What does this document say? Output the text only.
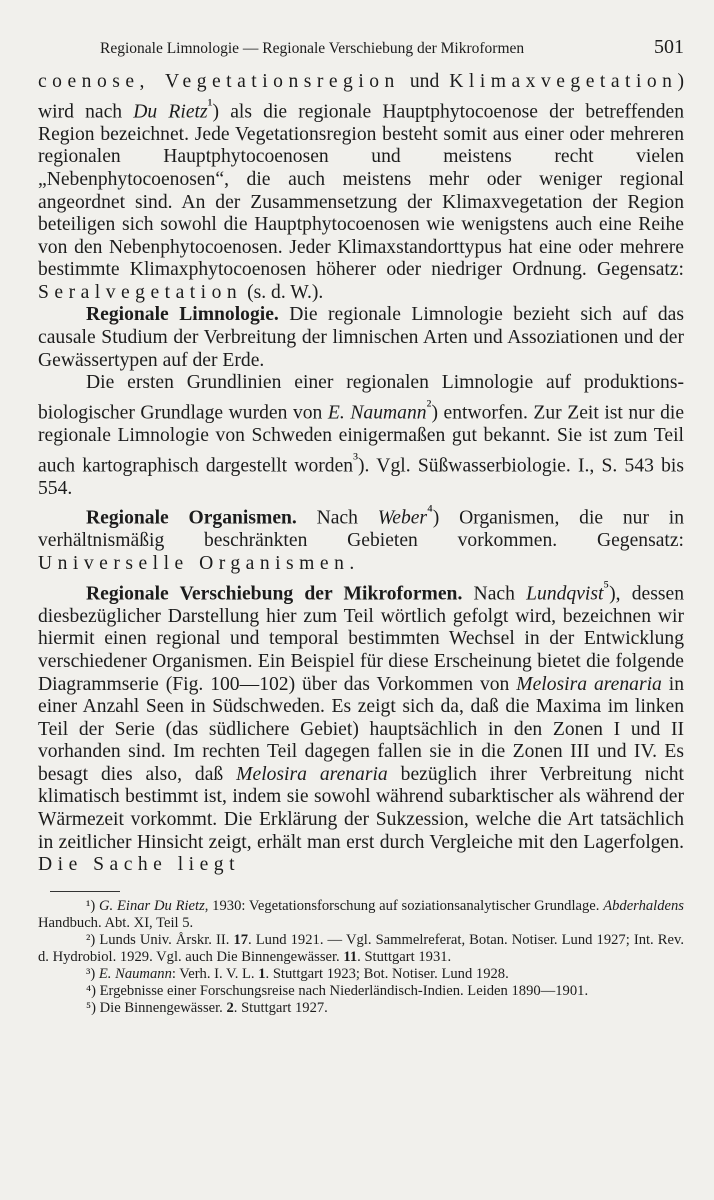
Regionale Limnologie — Regionale Verschiebung der Mikroformen	501

coenose, Vegetationsregion und Klimaxvegetation) wird nach Du Rietz$^{^1}$) als die regionale Hauptphytocoenose der betreffenden Region bezeichnet. Jede Vegetationsregion besteht somit aus einer oder mehreren regionalen Hauptphytocoenosen und meistens recht vielen „Nebenphytocoenosen“, die auch meistens mehr oder weniger regional angeordnet sind. An der Zusammensetzung der Klimaxvegetation der Region beteiligen sich sowohl die Hauptphytocoenosen wie wenigstens auch eine Reihe von den Nebenphytocoenosen. Jeder Klimaxstandorttypus hat eine oder mehrere bestimmte Klimaxphytocoenosen höherer oder niedriger Ordnung. Gegensatz: Seralvegetation (s. d. W.).

Regionale Limnologie. Die regionale Limnologie bezieht sich auf das causale Studium der Verbreitung der limnischen Arten und Assoziationen und der Gewässertypen auf der Erde.

Die ersten Grundlinien einer regionalen Limnologie auf produktions-biologischer Grundlage wurden von E. Naumann$^{^2}$) entworfen. Zur Zeit ist nur die regionale Limnologie von Schweden einigermaßen gut bekannt. Sie ist zum Teil auch kartographisch dargestellt worden$^{^3}$). Vgl. Süßwasserbiologie. I., S. 543 bis 554.

Regionale Organismen. Nach Weber$^{^4}$) Organismen, die nur in verhältnismäßig beschränkten Gebieten vorkommen. Gegensatz: Universelle Organismen.

Regionale Verschiebung der Mikroformen. Nach Lundqvist$^{^5}$), dessen diesbezüglicher Darstellung hier zum Teil wörtlich gefolgt wird, bezeichnen wir hiermit einen regional und temporal bestimmten Wechsel in der Entwicklung verschiedener Organismen. Ein Beispiel für diese Erscheinung bietet die folgende Diagrammserie (Fig. 100—102) über das Vorkommen von Melosira arenaria in einer Anzahl Seen in Südschweden. Es zeigt sich da, daß die Maxima im linken Teil der Serie (das südlichere Gebiet) hauptsächlich in den Zonen I und II vorhanden sind. Im rechten Teil dagegen fallen sie in die Zonen III und IV. Es besagt dies also, daß Melosira arenaria bezüglich ihrer Verbreitung nicht klimatisch bestimmt ist, indem sie sowohl während subarktischer als während der Wärmezeit vorkommt. Die Erklärung der Sukzession, welche die Art tatsächlich in zeitlicher Hinsicht zeigt, erhält man erst durch Vergleiche mit den Lagerfolgen. Die Sache liegt

¹) G. Einar Du Rietz, 1930: Vegetationsforschung auf soziationsanalytischer Grundlage. Abderhaldens Handbuch. Abt. XI, Teil 5.

²) Lunds Univ. Årskr. II. 17. Lund 1921. — Vgl. Sammelreferat, Botan. Notiser. Lund 1927; Int. Rev. d. Hydrobiol. 1929. Vgl. auch Die Binnengewässer. 11. Stuttgart 1931.

³) E. Naumann: Verh. I. V. L. 1. Stuttgart 1923; Bot. Notiser. Lund 1928.

⁴) Ergebnisse einer Forschungsreise nach Niederländisch-Indien. Leiden 1890—1901.

⁵) Die Binnengewässer. 2. Stuttgart 1927.
